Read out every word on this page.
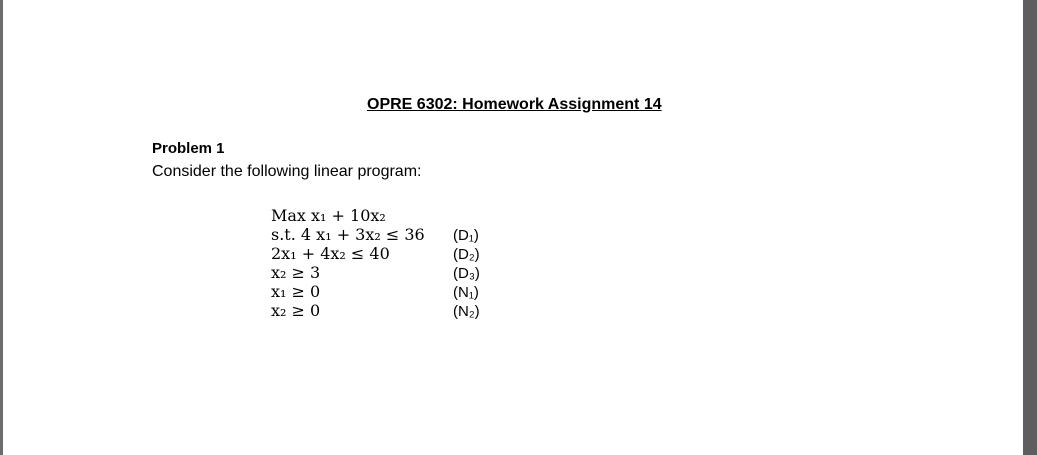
OPRE 6302: Homework Assignment 14
Problem 1
Consider the following linear program:
Max x₁ + 10x₂
s.t. 4 x₁ + 3x₂ ≤ 36 (D₁)
2x₁ + 4x₂ ≤ 40	(D₂)
x₂ ≥ 3	(D₃)
x₁ ≥ 0	(N₁)
x₂ ≥ 0	(N₂)
